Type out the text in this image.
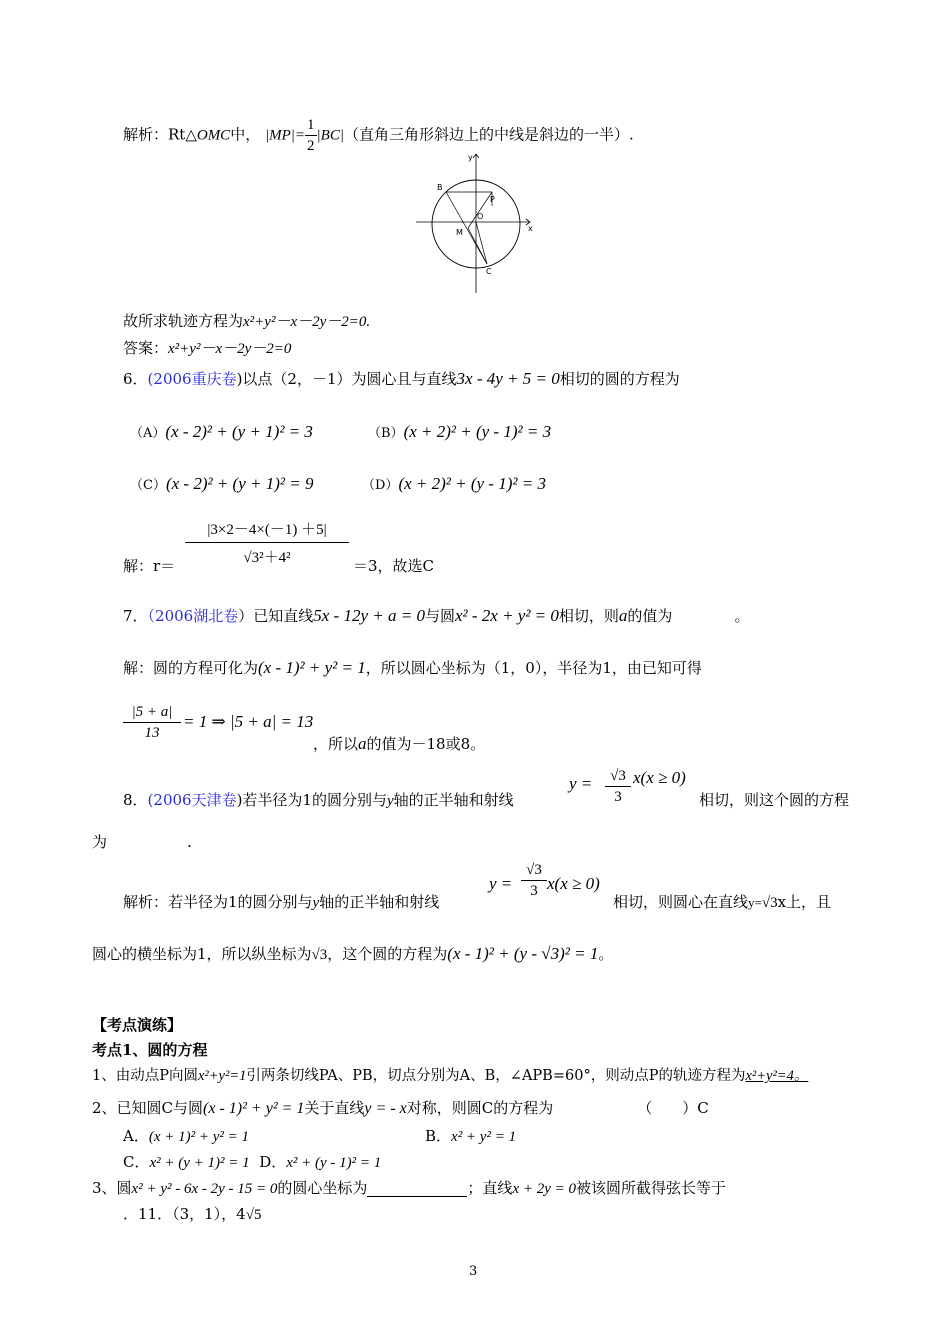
解析：Rt△OMC中， $|MP|= \frac{1}{2} |BC|$（直角三角形斜边上的中线是斜边的一半）.
y
x
B
P
O
M
C
故所求轨迹方程为x²+y²－x－2y－2=0.
答案：x²+y²－x－2y－2=0
6．(2006重庆卷)以点（2，－1）为圆心且与直线3x - 4y + 5 = 0相切的圆的方程为
（A）(x - 2)² + (y + 1)² = 3	（B）(x + 2)² + (y - 1)² = 3
（C）(x - 2)² + (y + 1)² = 9	（D）(x + 2)² + (y - 1)² = 3
解：r＝
|3×2－4×(－1) ＋5|
√3²＋4²	＝3，故选C
7．（2006湖北卷）已知直线5x - 12y + a = 0与圆x² - 2x + y² = 0相切，则a的值为	。
解：圆的方程可化为(x - 1)² + y² = 1，所以圆心坐标为（1，0），半径为1，由已知可得
$\frac{|5 + a|}{13} = 1$ ⇒ |5 + a| = 13
，所以a的值为－18或8。
8．(2006天津卷)若半径为1的圆分别与y轴的正半轴和射线
$y = \frac{√3}{3} x(x \ge 0)$
相切，则这个圆的方程
为	.
解析：若半径为1的圆分别与y轴的正半轴和射线
$y = \frac{√3}{3} x(x \ge 0)$
相切，则圆心在直线y=√3x上，且
圆心的横坐标为1，所以纵坐标为√3，这个圆的方程为(x - 1)² + (y - √3)² = 1。
【考点演练】
考点1、圆的方程
1、由动点P向圆x²+y²=1引两条切线PA、PB，切点分别为A、B，∠APB=60°，则动点P的轨迹方程为x²+y²=4。
2、已知圆C与圆(x - 1)² + y² = 1关于直线y = - x对称，则圆C的方程为	（　　）C
A．(x + 1)² + y² = 1	B．x² + y² = 1
C．x² + (y + 1)² = 1 D．x² + (y - 1)² = 1
3、圆x² + y² - 6x - 2y - 15 = 0的圆心坐标为	；直线x + 2y = 0被该圆所截得弦长等于
．11．（3，1），4√5
3
